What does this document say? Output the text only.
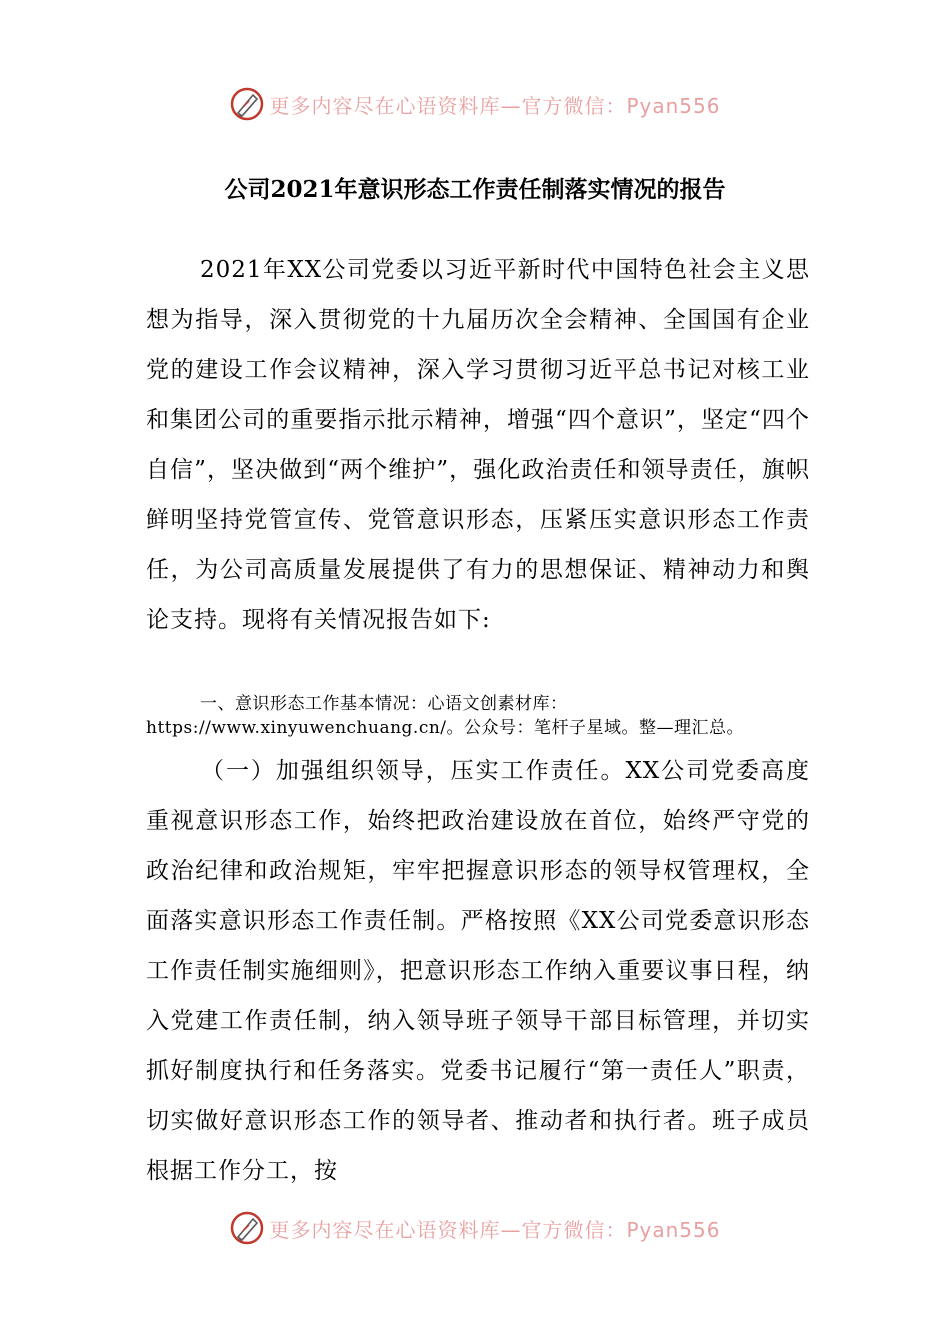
更多内容尽在心语资料库—官方微信：Pyan556
公司2021年意识形态工作责任制落实情况的报告

2021年XX公司党委以习近平新时代中国特色社会主义思想为指导，深入贯彻党的十九届历次全会精神、全国国有企业党的建设工作会议精神，深入学习贯彻习近平总书记对核工业和集团公司的重要指示批示精神，增强“四个意识”，坚定“四个自信”，坚决做到“两个维护”，强化政治责任和领导责任，旗帜鲜明坚持党管宣传、党管意识形态，压紧压实意识形态工作责任，为公司高质量发展提供了有力的思想保证、精神动力和舆论支持。现将有关情况报告如下:

一、意识形态工作基本情况：心语文创素材库：https://www.xinyuwenchuang.cn/。公众号：笔杆子星域。整—理汇总。

（一）加强组织领导，压实工作责任。XX公司党委高度重视意识形态工作，始终把政治建设放在首位，始终严守党的政治纪律和政治规矩，牢牢把握意识形态的领导权管理权，全面落实意识形态工作责任制。严格按照《XX公司党委意识形态工作责任制实施细则》，把意识形态工作纳入重要议事日程，纳入党建工作责任制，纳入领导班子领导干部目标管理，并切实抓好制度执行和任务落实。党委书记履行“第一责任人”职责，切实做好意识形态工作的领导者、推动者和执行者。班子成员根据工作分工，按

更多内容尽在心语资料库—官方微信：Pyan556
